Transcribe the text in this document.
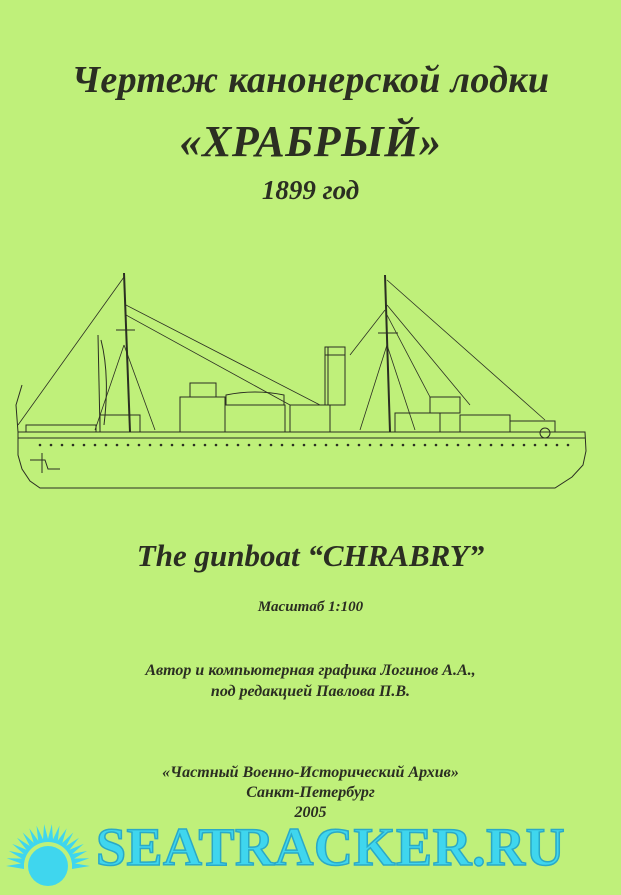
Чертеж канонерской лодки
«ХРАБРЫЙ»
1899 год
The gunboat “CHRABRY”
Масштаб 1:100
Автор и компьютерная графика Логинов А.А.,
под редакцией Павлова П.В.
«Частный Военно-Исторический Архив»
Санкт-Петербург
2005
SEATRACKER.RU
